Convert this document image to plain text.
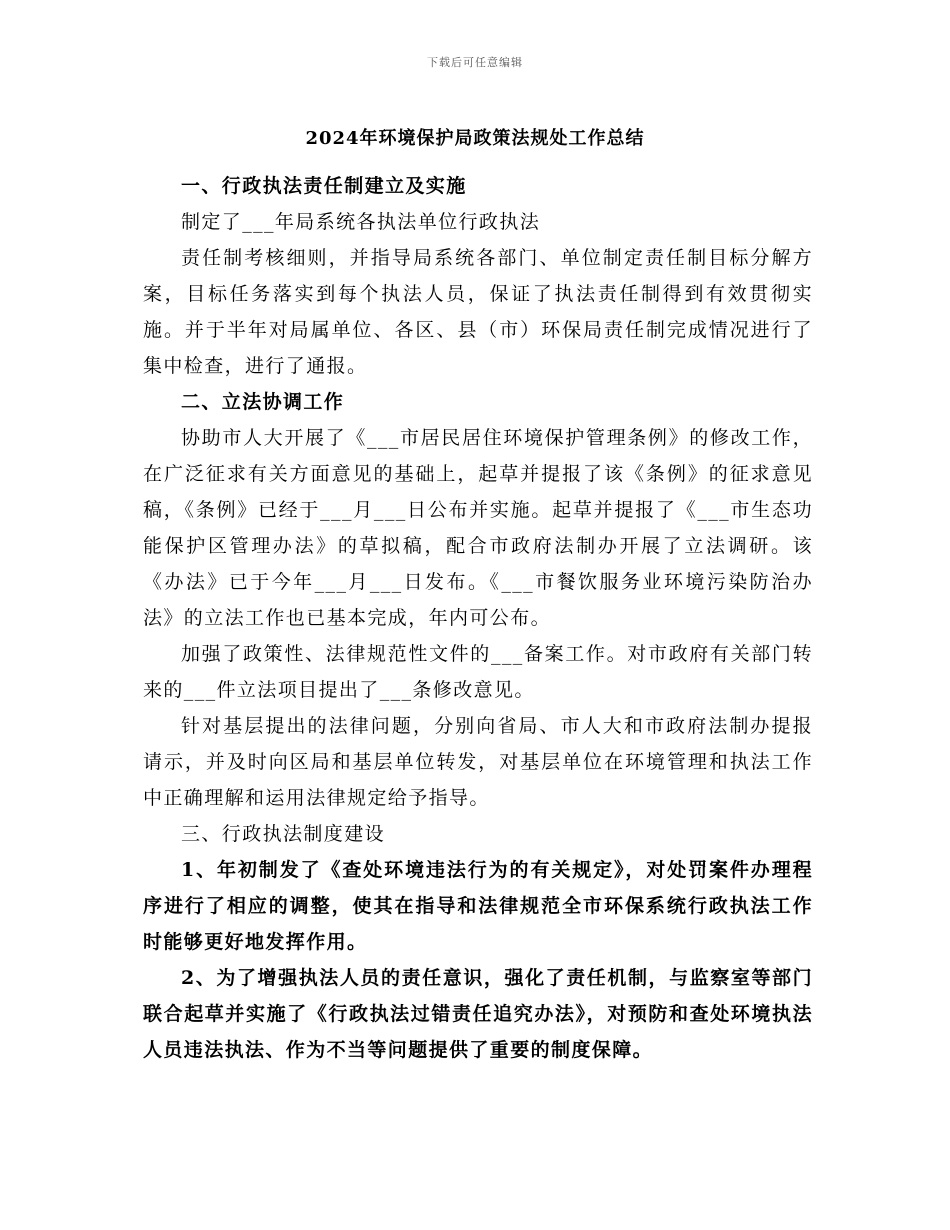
下载后可任意编辑
2024年环境保护局政策法规处工作总结

一、行政执法责任制建立及实施

制定了___年局系统各执法单位行政执法

责任制考核细则，并指导局系统各部门、单位制定责任制目标分解方案，目标任务落实到每个执法人员，保证了执法责任制得到有效贯彻实施。并于半年对局属单位、各区、县（市）环保局责任制完成情况进行了集中检查，进行了通报。

二、立法协调工作

协助市人大开展了《___市居民居住环境保护管理条例》的修改工作，在广泛征求有关方面意见的基础上，起草并提报了该《条例》的征求意见稿，《条例》已经于___月___日公布并实施。起草并提报了《___市生态功能保护区管理办法》的草拟稿，配合市政府法制办开展了立法调研。该《办法》已于今年___月___日发布。《___市餐饮服务业环境污染防治办法》的立法工作也已基本完成，年内可公布。

加强了政策性、法律规范性文件的___备案工作。对市政府有关部门转来的___件立法项目提出了___条修改意见。

针对基层提出的法律问题，分别向省局、市人大和市政府法制办提报请示，并及时向区局和基层单位转发，对基层单位在环境管理和执法工作中正确理解和运用法律规定给予指导。

三、行政执法制度建设

1、年初制发了《查处环境违法行为的有关规定》，对处罚案件办理程序进行了相应的调整，使其在指导和法律规范全市环保系统行政执法工作时能够更好地发挥作用。

2、为了增强执法人员的责任意识，强化了责任机制，与监察室等部门联合起草并实施了《行政执法过错责任追究办法》，对预防和查处环境执法人员违法执法、作为不当等问题提供了重要的制度保障。
